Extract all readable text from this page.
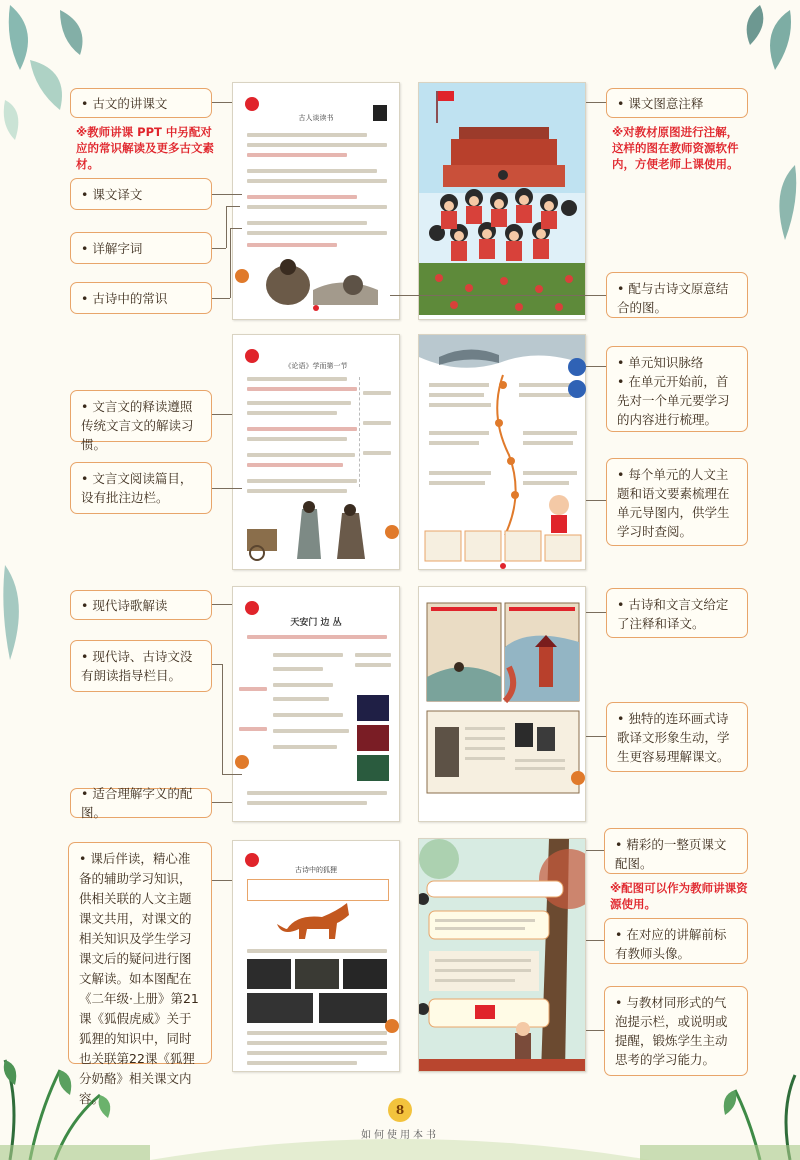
• 古文的讲课文
※教师讲课 PPT 中另配对应的常识解读及更多古文素材。
• 课文译文
• 详解字词
• 古诗中的常识
古人谈读书
• 课文图意注释
※对教材原图进行注解，这样的图在教师资源软件内，方便老师上课使用。
• 配与古诗文原意结合的图。
• 文言文的释读遵照传统文言文的解读习惯。
• 文言文阅读篇目，设有批注边栏。
《论语》学而第一节	• 单元知识脉络
• 在单元开始前，首先对一个单元要学习的内容进行梳理。
• 每个单元的人文主题和语文要素梳理在单元导图内，供学生学习时查阅。
• 现代诗歌解读
• 现代诗、古诗文没有朗读指导栏目。
• 适合理解字义的配图。
天安门 边 丛
• 古诗和文言文给定了注释和译文。
• 独特的连环画式诗歌译文形象生动，学生更容易理解课文。
• 课后伴读，精心准备的辅助学习知识，供相关联的人文主题课文共用，对课文的相关知识及学生学习课文后的疑问进行图文解读。如本图配在《二年级·上册》第21课《狐假虎威》关于狐狸的知识中，同时也关联第22课《狐狸分奶酪》相关课文内容。
古诗中的狐狸
• 精彩的一整页课文配图。
※配图可以作为教师讲课资源使用。
• 在对应的讲解前标有教师头像。
• 与教材同形式的气泡提示栏，或说明或提醒，锻炼学生主动思考的学习能力。
8
如何使用本书
